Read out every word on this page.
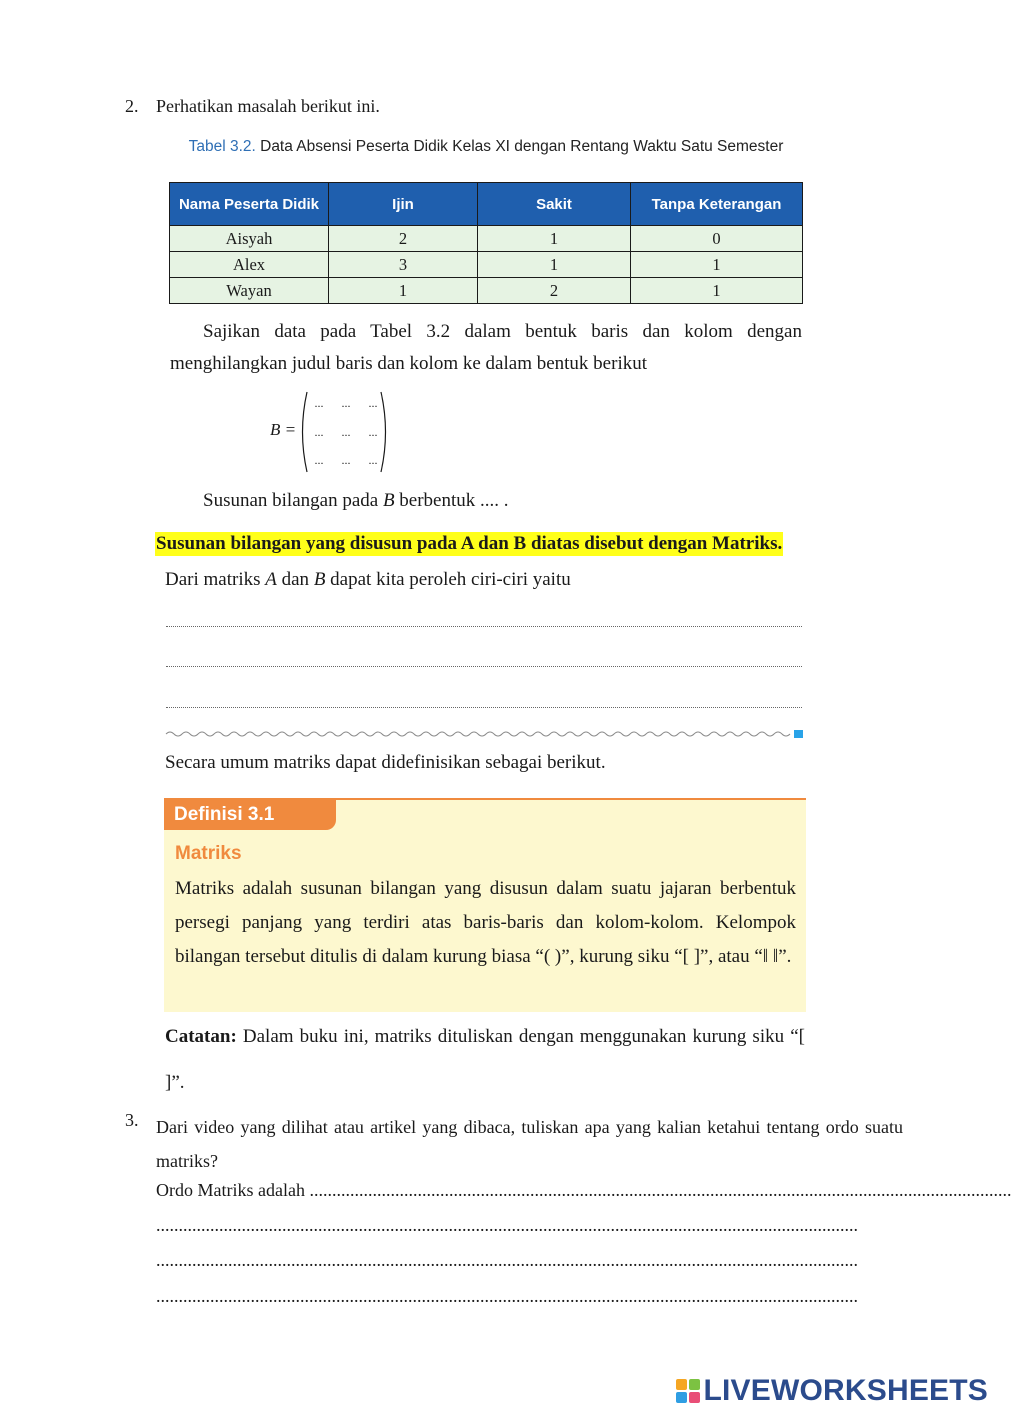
2. Perhatikan masalah berikut ini.
Tabel 3.2. Data Absensi Peserta Didik Kelas XI dengan Rentang Waktu Satu Semester
Nama Peserta Didik	Ijin	Sakit	Tanpa Keterangan
Aisyah	2	1	0
Alex	3	1	1
Wayan	1	2	1
Sajikan data pada Tabel 3.2 dalam bentuk baris dan kolom dengan menghilangkan judul baris dan kolom ke dalam bentuk berikut
B =
...	...	...
...	...	...
...	...	...
Susunan bilangan pada B berbentuk .... .
Susunan bilangan yang disusun pada A dan B diatas disebut dengan Matriks.
Dari matriks A dan B dapat kita peroleh ciri-ciri yaitu
Secara umum matriks dapat didefinisikan sebagai berikut.
Definisi 3.1
Matriks
Matriks adalah susunan bilangan yang disusun dalam suatu jajaran berbentuk persegi panjang yang terdiri atas baris-baris dan kolom-kolom. Kelompok bilangan tersebut ditulis di dalam kurung biasa “( )”, kurung siku “[ ]”, atau “‖ ‖”.
Catatan: Dalam buku ini, matriks dituliskan dengan menggunakan kurung siku “[ ]”.
3. Dari video yang dilihat atau artikel yang dibaca, tuliskan apa yang kalian ketahui tentang ordo suatu matriks?
Ordo Matriks adalah ............................................................................................................................................................
............................................................................................................................................................
............................................................................................................................................................
............................................................................................................................................................
LIVEWORKSHEETS
